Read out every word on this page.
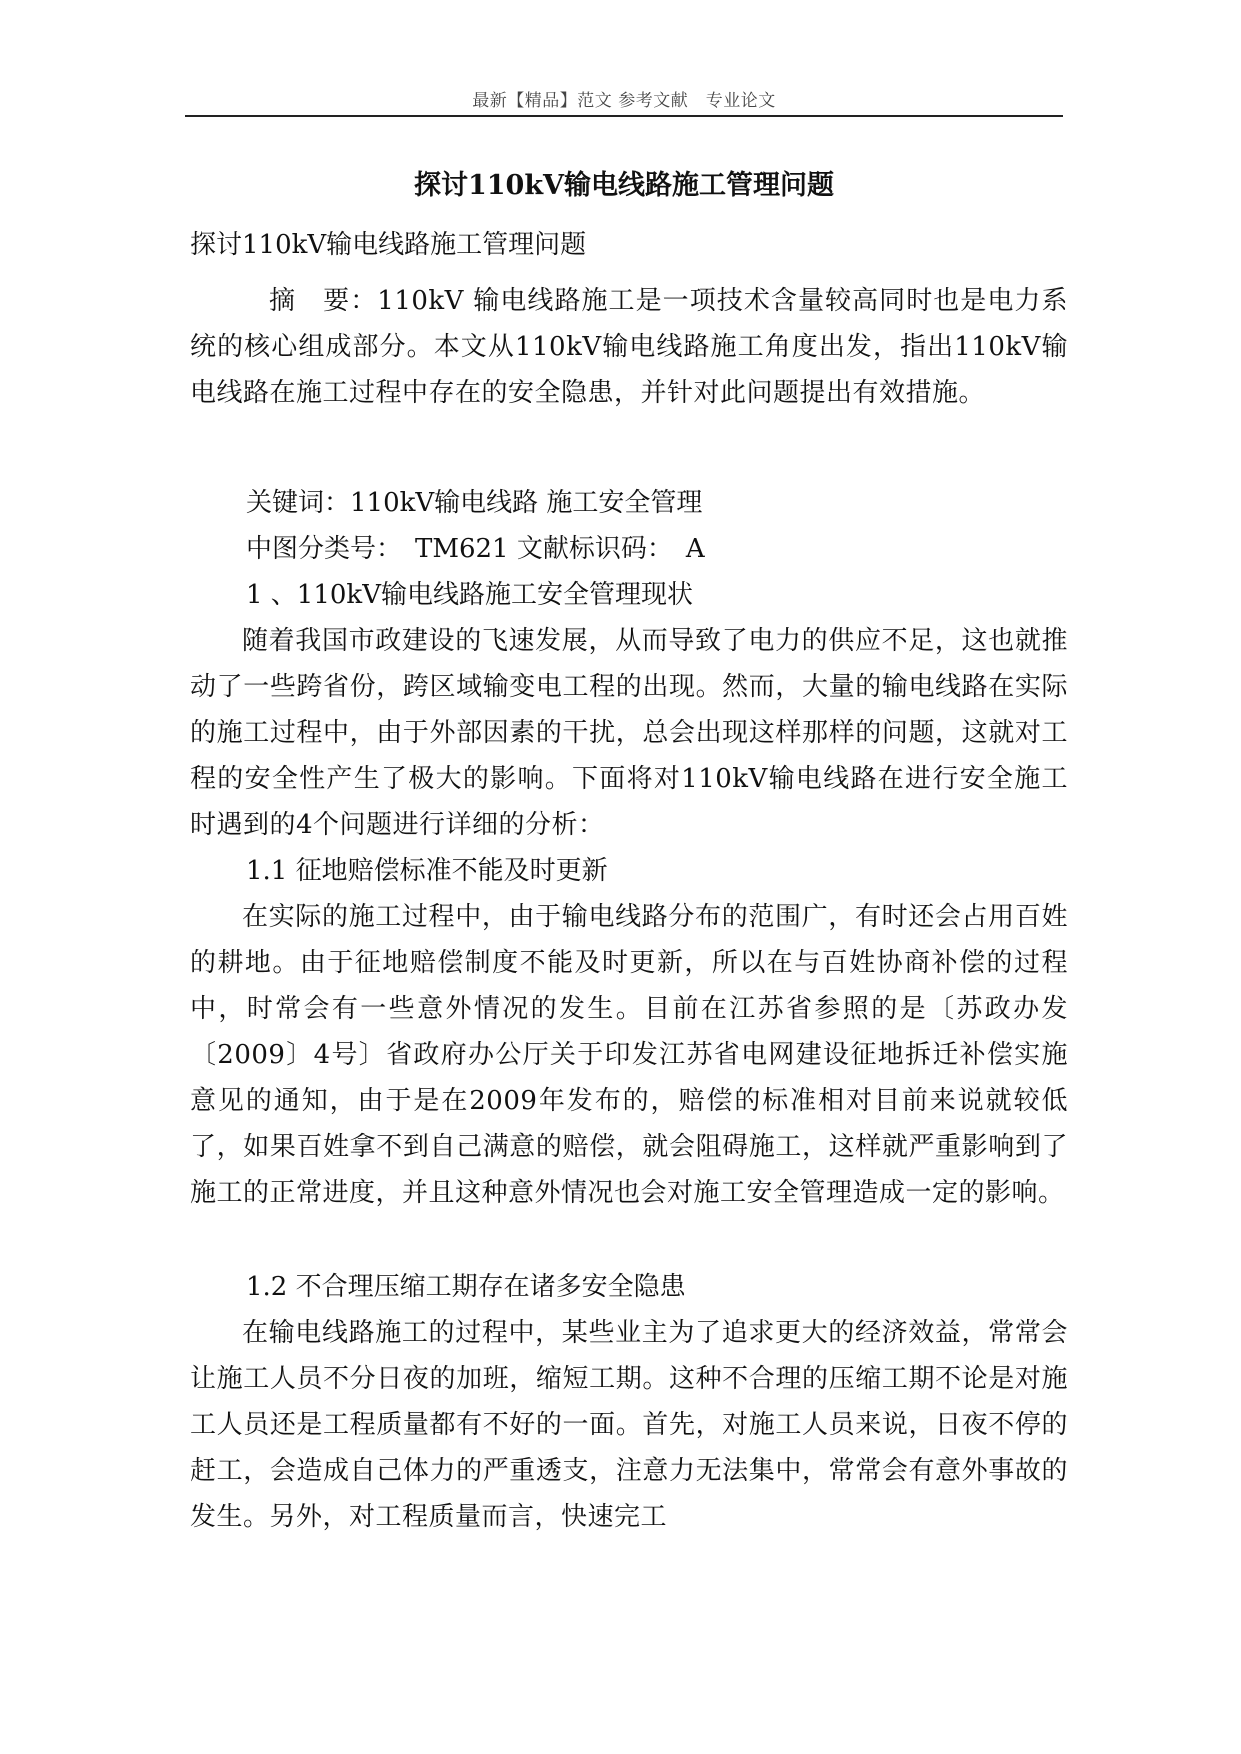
最新【精品】范文 参考文献　专业论文
探讨110kV输电线路施工管理问题
探讨110kV输电线路施工管理问题

　摘　要：110kV 输电线路施工是一项技术含量较高同时也是电力系统的核心组成部分。本文从110kV输电线路施工角度出发，指出110kV输电线路在施工过程中存在的安全隐患，并针对此问题提出有效措施。

关键词：110kV输电线路 施工安全管理
中图分类号：　TM621 文献标识码：　A
1 、110kV输电线路施工安全管理现状

随着我国市政建设的飞速发展，从而导致了电力的供应不足，这也就推动了一些跨省份，跨区域输变电工程的出现。然而，大量的输电线路在实际的施工过程中，由于外部因素的干扰，总会出现这样那样的问题，这就对工程的安全性产生了极大的影响。下面将对110kV输电线路在进行安全施工时遇到的4个问题进行详细的分析：

1.1 征地赔偿标准不能及时更新

在实际的施工过程中，由于输电线路分布的范围广，有时还会占用百姓的耕地。由于征地赔偿制度不能及时更新，所以在与百姓协商补偿的过程中，时常会有一些意外情况的发生。目前在江苏省参照的是〔苏政办发〔2009〕4号〕省政府办公厅关于印发江苏省电网建设征地拆迁补偿实施意见的通知，由于是在2009年发布的，赔偿的标准相对目前来说就较低了，如果百姓拿不到自己满意的赔偿，就会阻碍施工，这样就严重影响到了施工的正常进度，并且这种意外情况也会对施工安全管理造成一定的影响。

1.2 不合理压缩工期存在诸多安全隐患

在输电线路施工的过程中，某些业主为了追求更大的经济效益，常常会让施工人员不分日夜的加班，缩短工期。这种不合理的压缩工期不论是对施工人员还是工程质量都有不好的一面。首先，对施工人员来说，日夜不停的赶工，会造成自己体力的严重透支，注意力无法集中，常常会有意外事故的发生。另外，对工程质量而言，快速完工
